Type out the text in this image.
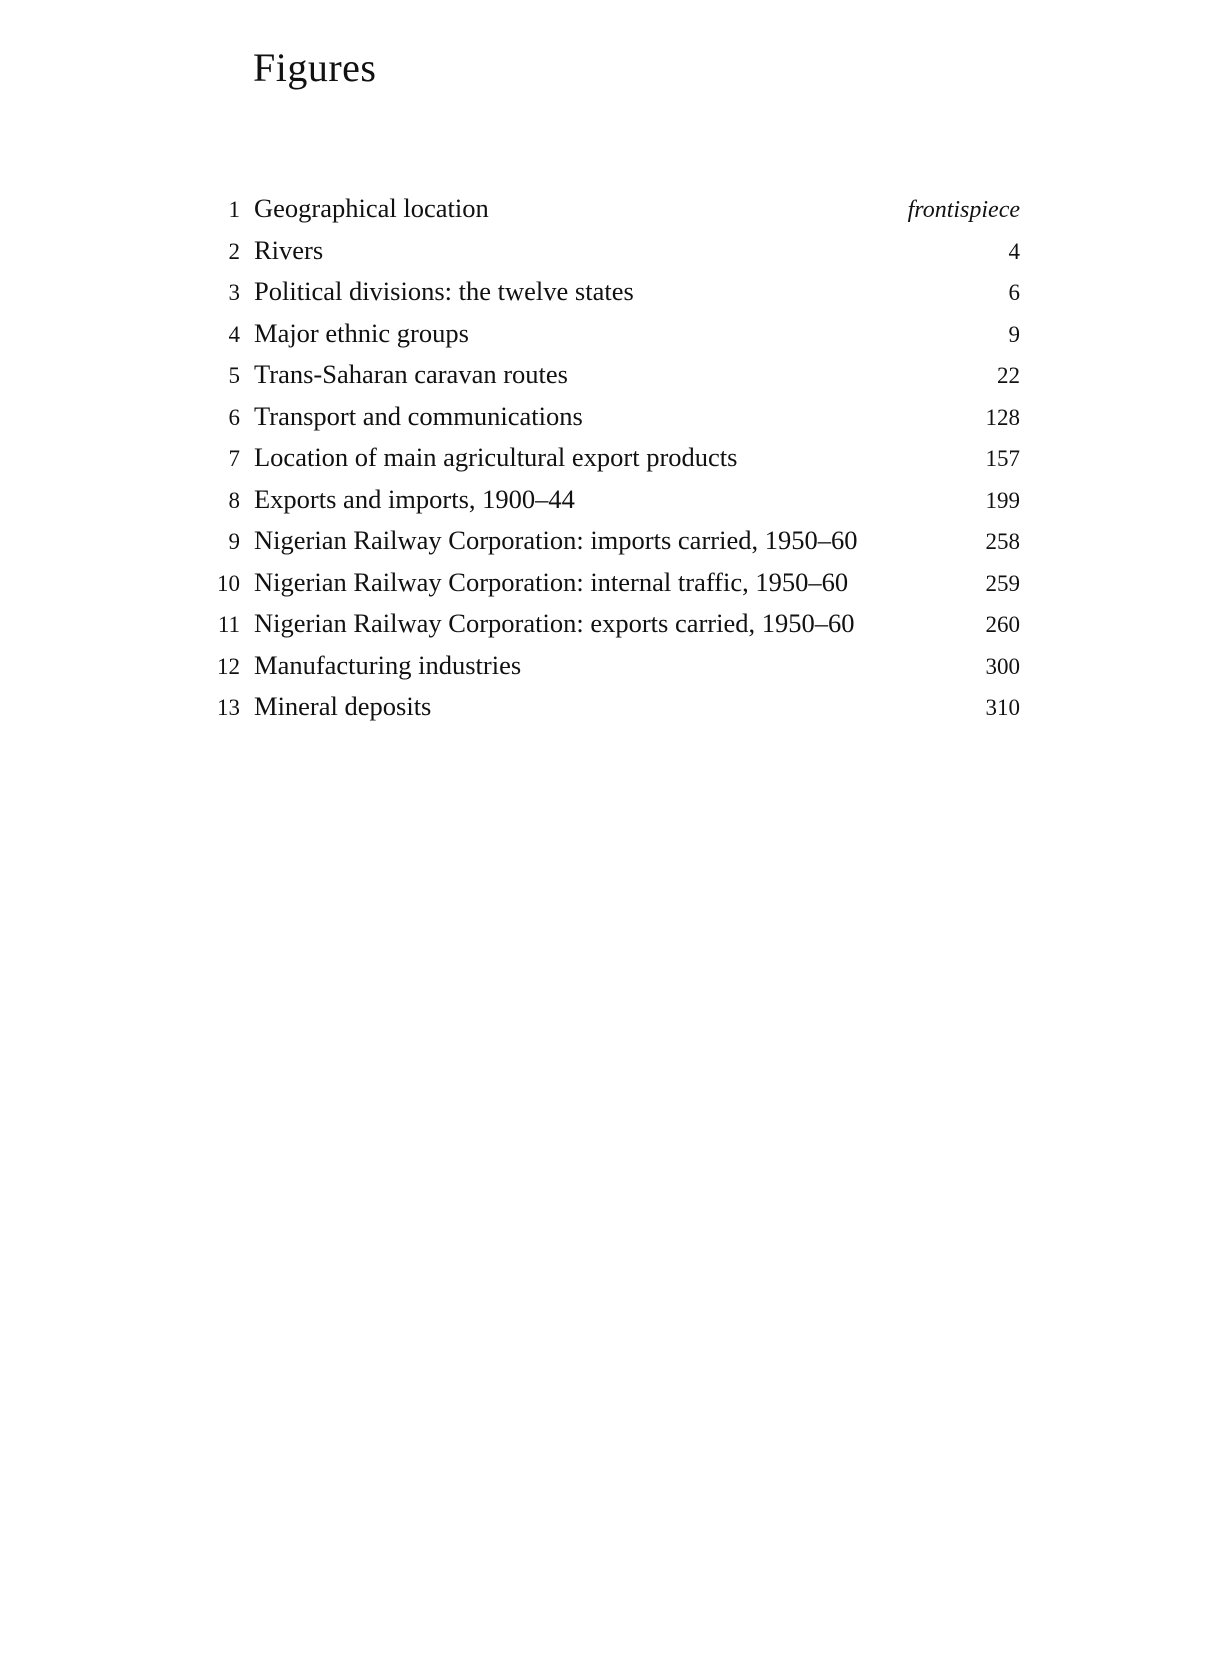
Figures
1 Geographical location	frontispiece
2 Rivers	4
3 Political divisions: the twelve states	6
4 Major ethnic groups	9
5 Trans-Saharan caravan routes	22
6 Transport and communications	128
7 Location of main agricultural export products	157
8 Exports and imports, 1900–44	199
9 Nigerian Railway Corporation: imports carried, 1950–60	258
10 Nigerian Railway Corporation: internal traffic, 1950–60	259
11 Nigerian Railway Corporation: exports carried, 1950–60	260
12 Manufacturing industries	300
13 Mineral deposits	310
